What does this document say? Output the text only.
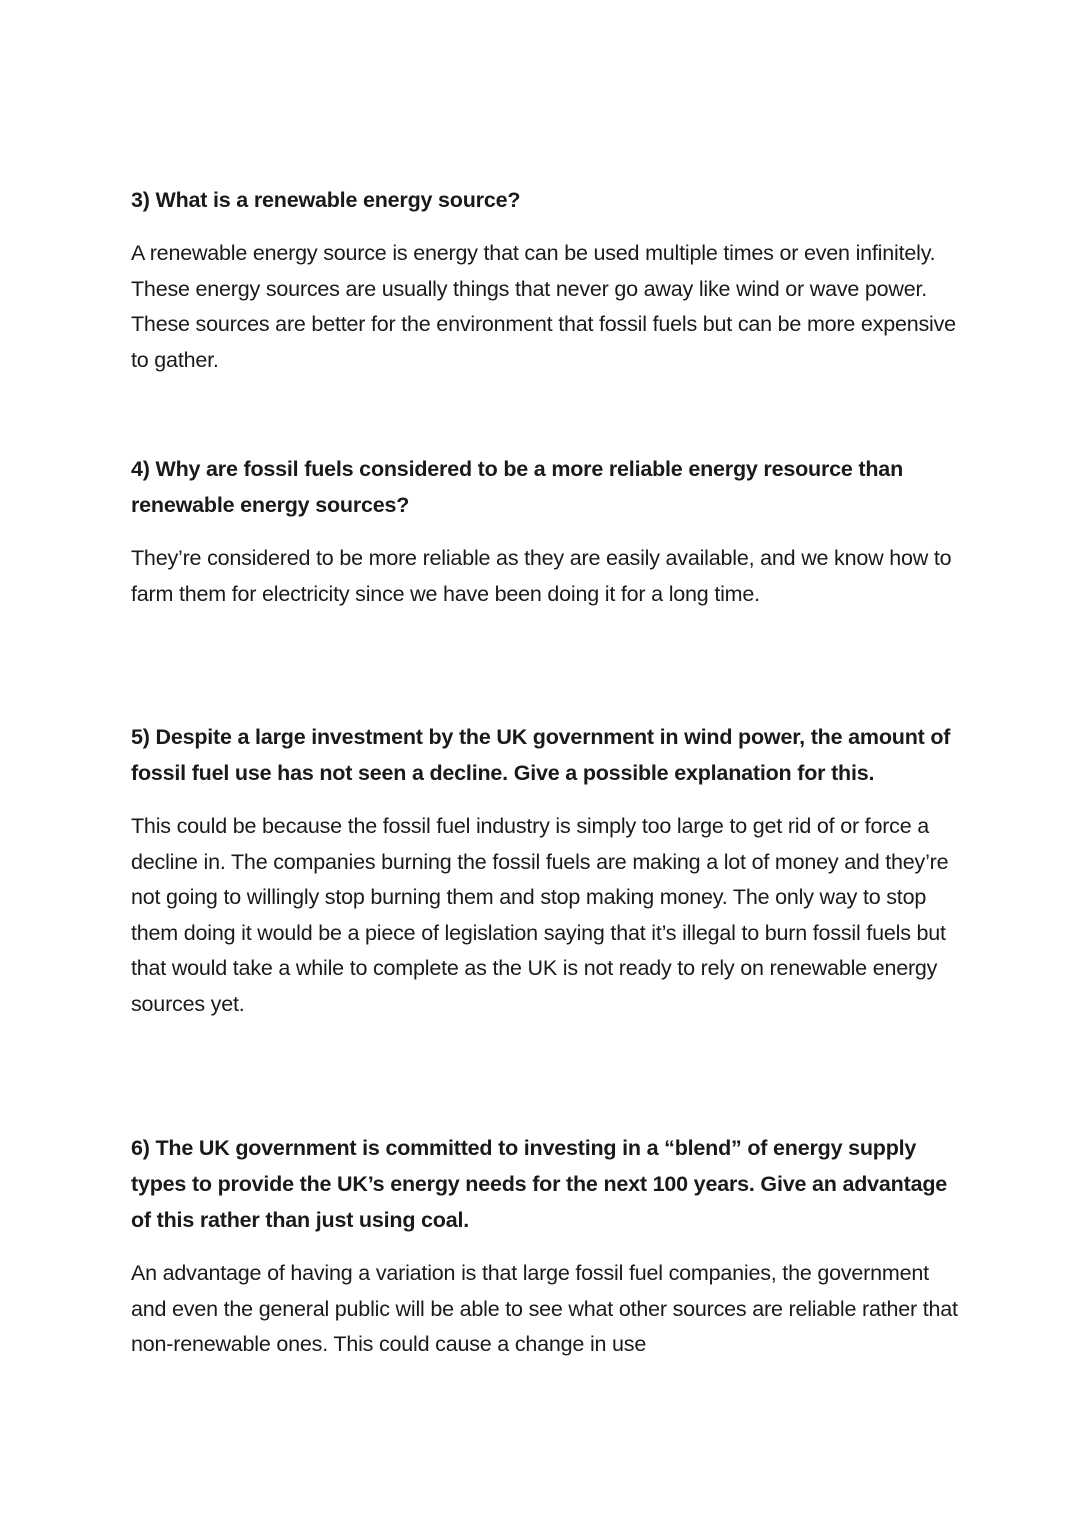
3) What is a renewable energy source?

A renewable energy source is energy that can be used multiple times or even infinitely. These energy sources are usually things that never go away like wind or wave power. These sources are better for the environment that fossil fuels but can be more expensive to gather.

4) Why are fossil fuels considered to be a more reliable energy resource than renewable energy sources?

They’re considered to be more reliable as they are easily available, and we know how to farm them for electricity since we have been doing it for a long time.

5) Despite a large investment by the UK government in wind power, the amount of fossil fuel use has not seen a decline. Give a possible explanation for this.

This could be because the fossil fuel industry is simply too large to get rid of or force a decline in. The companies burning the fossil fuels are making a lot of money and they’re not going to willingly stop burning them and stop making money. The only way to stop them doing it would be a piece of legislation saying that it’s illegal to burn fossil fuels but that would take a while to complete as the UK is not ready to rely on renewable energy sources yet.

6) The UK government is committed to investing in a “blend” of energy supply types to provide the UK’s energy needs for the next 100 years. Give an advantage of this rather than just using coal.

An advantage of having a variation is that large fossil fuel companies, the government and even the general public will be able to see what other sources are reliable rather that non-renewable ones. This could cause a change in use
